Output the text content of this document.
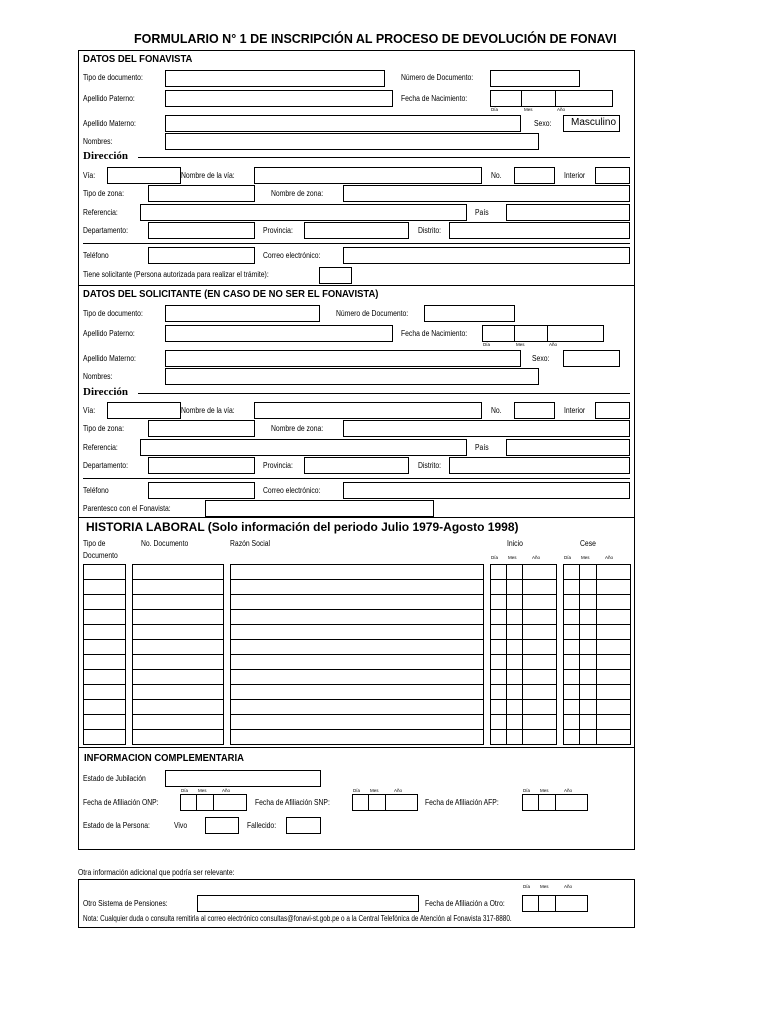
FORMULARIO N° 1 DE INSCRIPCIÓN AL PROCESO DE DEVOLUCIÓN DE FONAVI
DATOS DEL FONAVISTA
Tipo de documento:	Número de Documento:
Apellido Paterno:	Fecha de Nacimiento:
Día	Mes	Año
Apellido Materno:	Sexo: Masculino
Nombres:
Dirección
Vía:	Nombre de la vía:	No.	Interior
Tipo de zona:	Nombre de zona:
Referencia:	País
Departamento:	Provincia:	Distrito:
Teléfono	Correo electrónico:
Tiene solicitante (Persona autorizada para realizar el trámite):
DATOS DEL SOLICITANTE (EN CASO DE NO SER EL FONAVISTA)
Tipo de documento:	Número de Documento:
Apellido Paterno:	Fecha de Nacimiento:
Día	Mes	Año
Apellido Materno:	Sexo:
Nombres:
Dirección
Vía:	Nombre de la vía:	No.	Interior
Tipo de zona:	Nombre de zona:
Referencia:	País
Departamento:	Provincia:	Distrito:
Teléfono	Correo electrónico:
Parentesco con el Fonavista:
HISTORIA LABORAL (Solo información del periodo Julio 1979-Agosto 1998)
Tipo de
Documento
No. Documento	Razón Social	Inicio	Cese
Día Mes	Año	Día Mes	Año
INFORMACION COMPLEMENTARIA
Estado de Jubilación
Día Mes	Año
Fecha de Afiliación ONP:
Día Mes	Año
Fecha de Afiliación SNP:
Día Mes	Año
Fecha de Afiliación AFP:
Estado de la Persona:	Vivo	Fallecido:
Otra información adicional que podría ser relevante:
Día Mes	Año
Otro Sistema de Pensiones:	Fecha de Afiliación a Otro:
Nota: Cualquier duda o consulta remitirla al correo electrónico consultas@fonavi-st.gob.pe o a la Central Telefónica de Atención al Fonavista 317-8880.
